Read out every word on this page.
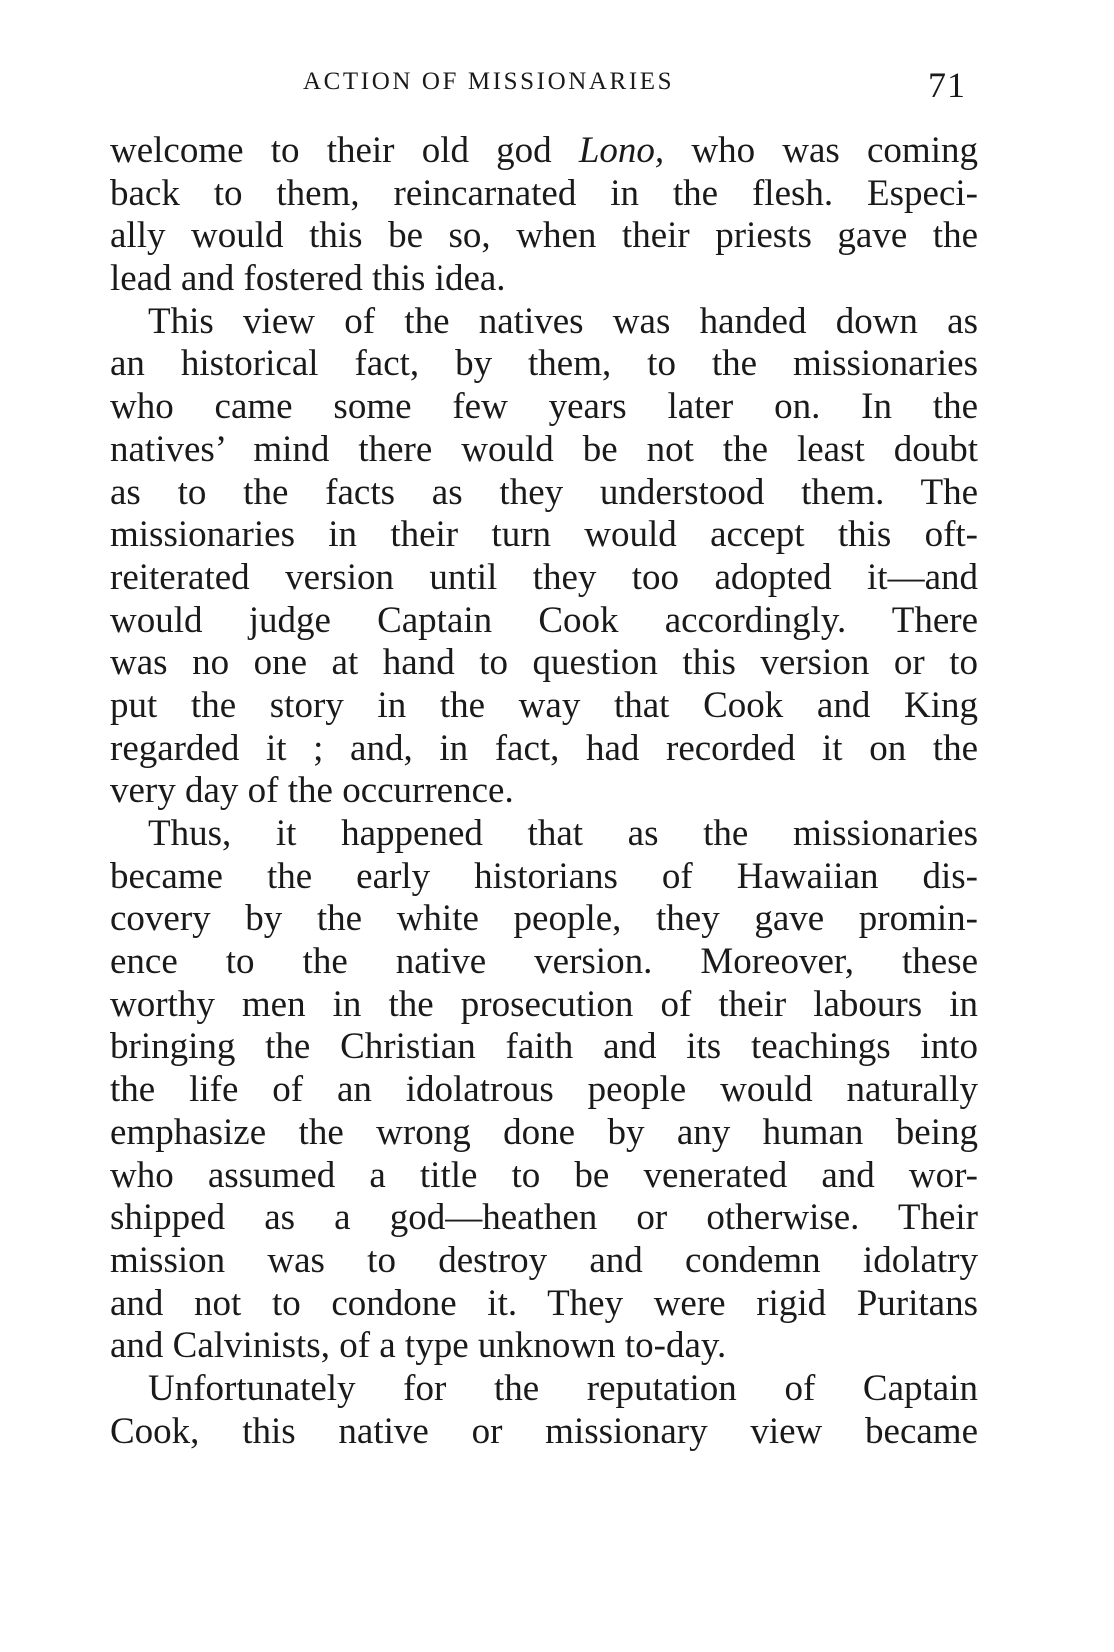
ACTION OF MISSIONARIES	71
welcome to their old god Lono, who was coming
back to them, reincarnated in the flesh. Especi-
ally would this be so, when their priests gave the
lead and fostered this idea.
This view of the natives was handed down as
an historical fact, by them, to the missionaries
who came some few years later on. In the
natives’ mind there would be not the least doubt
as to the facts as they understood them. The
missionaries in their turn would accept this oft-
reiterated version until they too adopted it—and
would judge Captain Cook accordingly. There
was no one at hand to question this version or to
put the story in the way that Cook and King
regarded it ; and, in fact, had recorded it on the
very day of the occurrence.
Thus, it happened that as the missionaries
became the early historians of Hawaiian dis-
covery by the white people, they gave promin-
ence to the native version. Moreover, these
worthy men in the prosecution of their labours in
bringing the Christian faith and its teachings into
the life of an idolatrous people would naturally
emphasize the wrong done by any human being
who assumed a title to be venerated and wor-
shipped as a god—heathen or otherwise. Their
mission was to destroy and condemn idolatry
and not to condone it. They were rigid Puritans
and Calvinists, of a type unknown to-day.
Unfortunately for the reputation of Captain
Cook, this native or missionary view became
